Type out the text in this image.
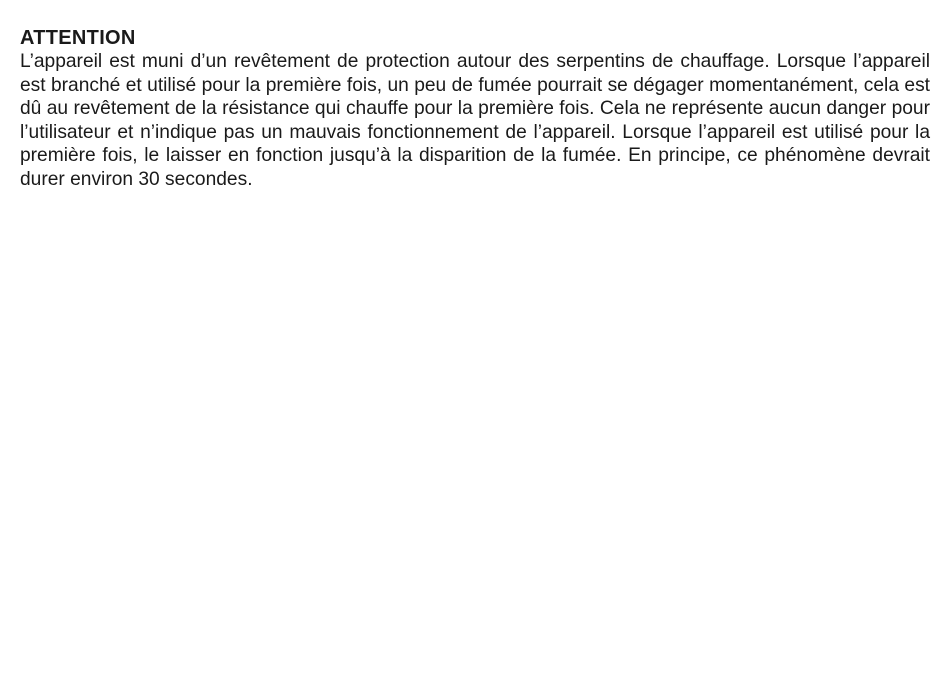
ATTENTION

L’appareil est muni d’un revêtement de protection autour des serpentins de chauffage. Lorsque l’appareil est branché et utilisé pour la première fois, un peu de fumée pourrait se dégager momentanément, cela est dû au revêtement de la résistance qui chauffe pour la première fois. Cela ne représente aucun danger pour l’utilisateur et n’indique pas un mauvais fonctionnement de l’appareil. Lorsque l’appareil est utilisé pour la première fois, le laisser en fonction jusqu’à la disparition de la fumée. En principe, ce phénomène devrait durer environ 30 secondes.
